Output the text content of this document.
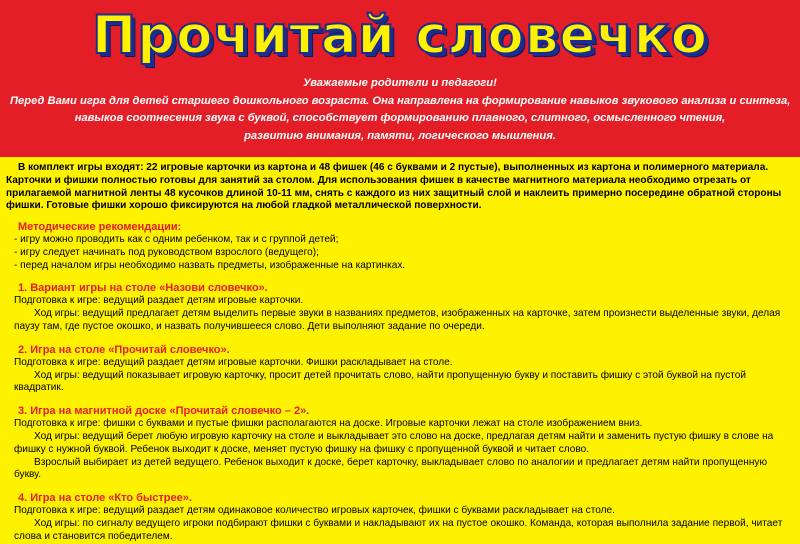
Прочитай словечко
Уважаемые родители и педагоги!
Перед Вами игра для детей старшего дошкольного возраста. Она направлена на формирование навыков звукового анализа и синтеза,
навыков соотнесения звука с буквой, способствует формированию плавного, слитного, осмысленного чтения,
развитию внимания, памяти, логического мышления.

В комплект игры входят: 22 игровые карточки из картона и 48 фишек (46 с буквами и 2 пустые), выполненных из картона и полимерного материала. Карточки и фишки полностью готовы для занятий за столом. Для использования фишек в качестве магнитного материала необходимо отрезать от прилагаемой магнитной ленты 48 кусочков длиной 10-11 мм, снять с каждого из них защитный слой и наклеить примерно посередине обратной стороны фишки. Готовые фишки хорошо фиксируются на любой гладкой металлической поверхности.

Методические рекомендации:

- игру можно проводить как с одним ребенком, так и с группой детей;

- игру следует начинать под руководством взрослого (ведущего);

- перед началом игры необходимо назвать предметы, изображенные на картинках.

1. Вариант игры на столе «Назови словечко».

Подготовка к игре: ведущий раздает детям игровые карточки.

Ход игры: ведущий предлагает детям выделить первые звуки в названиях предметов, изображенных на карточке, затем произнести выделенные звуки, делая паузу там, где пустое окошко, и назвать получившееся слово. Дети выполняют задание по очереди.

2. Игра на столе «Прочитай словечко».

Подготовка к игре: ведущий раздает детям игровые карточки. Фишки раскладывает на столе.

Ход игры: ведущий показывает игровую карточку, просит детей прочитать слово, найти пропущенную букву и поставить фишку с этой буквой на пустой квадратик.

3. Игра на магнитной доске «Прочитай словечко – 2».

Подготовка к игре: фишки с буквами и пустые фишки располагаются на доске. Игровые карточки лежат на столе изображением вниз.

Ход игры: ведущий берет любую игровую карточку на столе и выкладывает это слово на доске, предлагая детям найти и заменить пустую фишку в слове на фишку с нужной буквой. Ребенок выходит к доске, меняет пустую фишку на фишку с пропущенной буквой и читает слово.

Взрослый выбирает из детей ведущего. Ребенок выходит к доске, берет карточку, выкладывает слово по аналогии и предлагает детям найти пропущенную букву.

4. Игра на столе «Кто быстрее».

Подготовка к игре: ведущий раздает детям одинаковое количество игровых карточек, фишки с буквами раскладывает на столе.

Ход игры: по сигналу ведущего игроки подбирают фишки с буквами и накладывают их на пустое окошко. Команда, которая выполнила задание первой, читает слова и становится победителем.
